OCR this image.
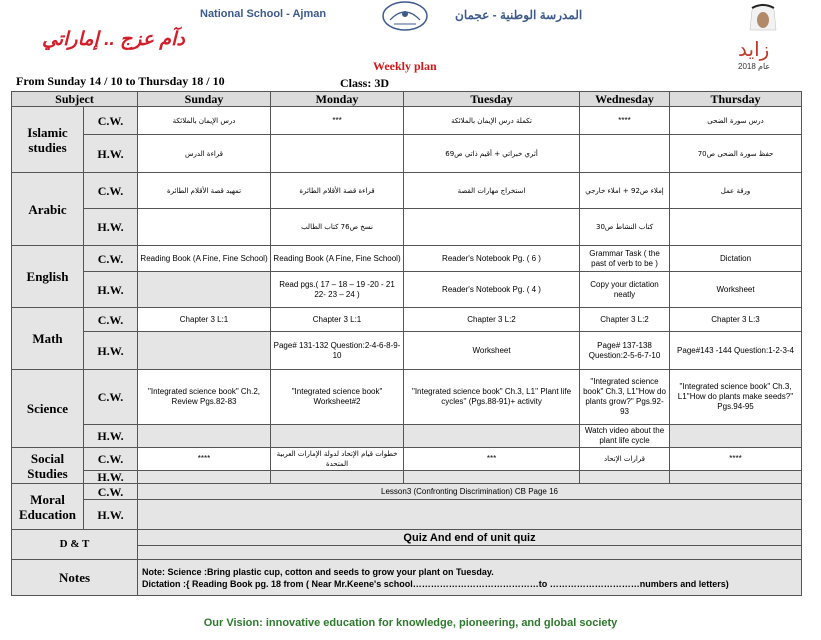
National School - Ajman	المدرسة الوطنية - عجمان
دآم عزج .. إماراتي	زايد
عام 2018
Weekly plan
From Sunday 14 / 10 to Thursday 18 / 10	Class: 3D
Subject		Sunday	Monday	Tuesday	Wednesday	Thursday
Islamic studies	C.W.	درس الإيمان بالملائكة	***	تكملة درس الإيمان بالملائكة	****	درس سورة الضحى
	H.W.	قراءة الدرس		أثري خبراتي + أقيم ذاتي ص69		حفظ سورة الضحى ص70
Arabic	C.W.	تمهيد قصة الأقلام الطائرة	قراءة قصة الأقلام الطائرة	استخراج مهارات القصة	إملاء ص92 + املاء خارجي	ورقة عمل
	H.W.		نسخ ص76 كتاب الطالب		كتاب النشاط ص30	
English	C.W.	Reading Book (A Fine, Fine School)	Reading Book (A Fine, Fine School)	Reader's Notebook Pg. ( 6 )	Grammar Task ( the past of verb to be )	Dictation
	H.W.		Read pgs.( 17 – 18 – 19 -20 - 21 22- 23 – 24 )	Reader's Notebook Pg. ( 4 )	Copy your dictation neatly	Worksheet
Math	C.W.	Chapter 3 L:1	Chapter 3 L:1	Chapter 3 L:2	Chapter 3 L:2	Chapter 3 L:3
	H.W.		Page# 131-132 Question:2-4-6-8-9-10	Worksheet	Page# 137-138 Question:2-5-6-7-10	Page#143 -144 Question:1-2-3-4
Science	C.W.	"Integrated science book" Ch.2, Review Pgs.82-83	"Integrated science book" Worksheet#2	"Integrated science book" Ch.3, L1'' Plant life cycles'' (Pgs.88-91)+ activity	"Integrated science book" Ch.3, L1''How do plants grow?'' Pgs.92-93	"Integrated science book" Ch.3, L1''How do plants make seeds?'' Pgs.94-95
	H.W.				Watch video about the plant life cycle	
Social Studies	C.W.	****	خطوات قيام الإتحاد لدولة الإمارات العربية المتحدة	***	قرارات الإتحاد	****
	H.W.					
Moral Education	C.W.	Lesson3 (Confronting Discrimination) CB Page 16				
	H.W.					
D & T		Quiz And end of unit quiz				

Notes		Note: Science :Bring plastic cup, cotton and seeds to grow your plant on Tuesday.
Dictation :{ Reading Book pg. 18 from ( Near Mr.Keene's school……………………………………to …………………………numbers and letters)				
Our Vision: innovative education for knowledge, pioneering, and global society
